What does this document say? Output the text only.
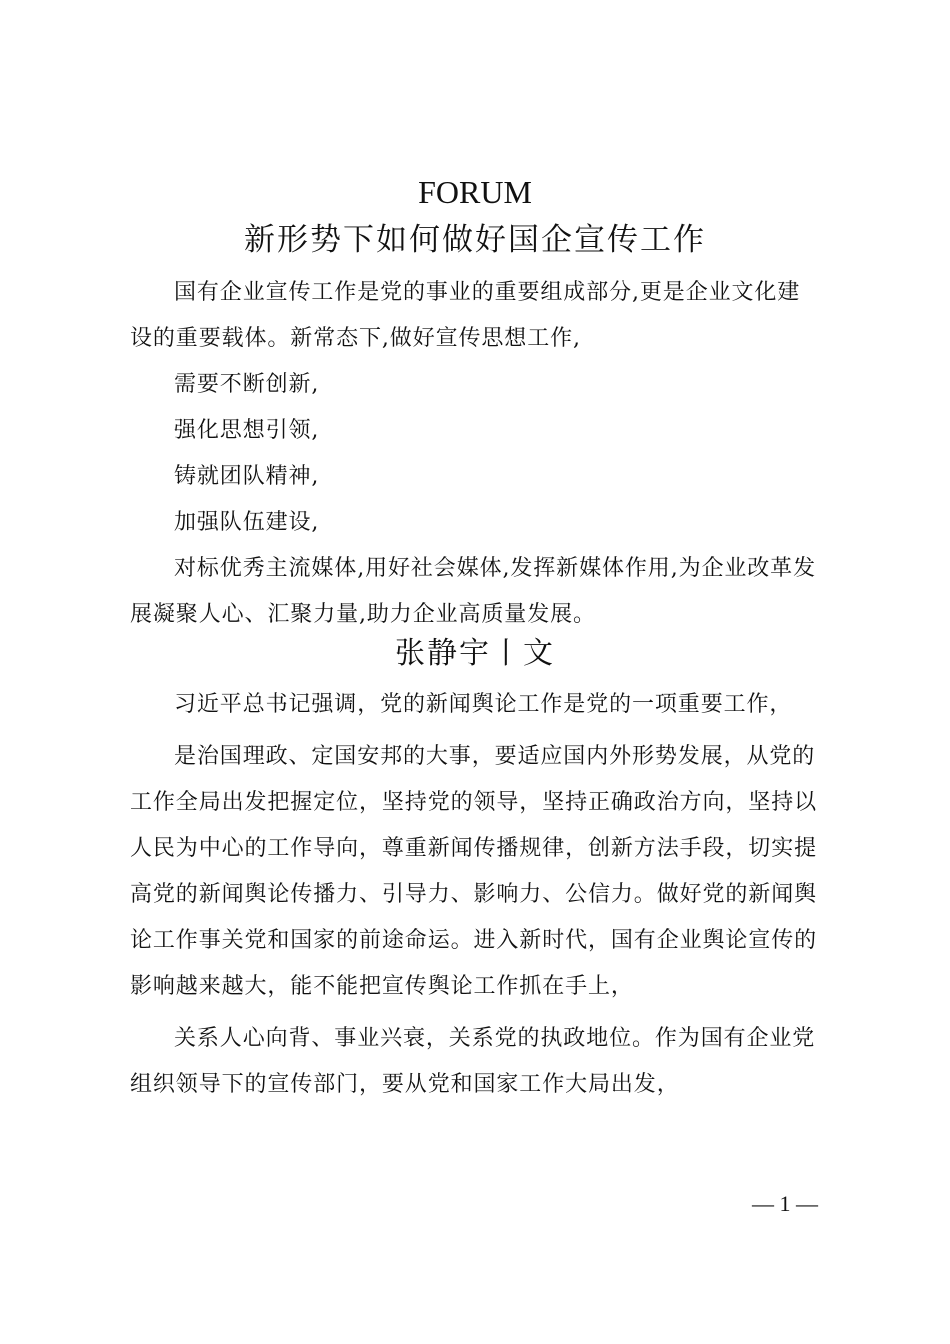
FORUM
新形势下如何做好国企宣传工作

国有企业宣传工作是党的事业的重要组成部分,更是企业文化建设的重要载体。新常态下,做好宣传思想工作,

需要不断创新,

强化思想引领,

铸就团队精神,

加强队伍建设,

对标优秀主流媒体,用好社会媒体,发挥新媒体作用,为企业改革发展凝聚人心、汇聚力量,助力企业高质量发展。

张静宇丨文

习近平总书记强调，党的新闻舆论工作是党的一项重要工作，

是治国理政、定国安邦的大事，要适应国内外形势发展，从党的工作全局出发把握定位，坚持党的领导，坚持正确政治方向，坚持以人民为中心的工作导向，尊重新闻传播规律，创新方法手段，切实提高党的新闻舆论传播力、引导力、影响力、公信力。做好党的新闻舆论工作事关党和国家的前途命运。进入新时代，国有企业舆论宣传的影响越来越大，能不能把宣传舆论工作抓在手上，

关系人心向背、事业兴衰，关系党的执政地位。作为国有企业党组织领导下的宣传部门，要从党和国家工作大局出发，

— 1 —
